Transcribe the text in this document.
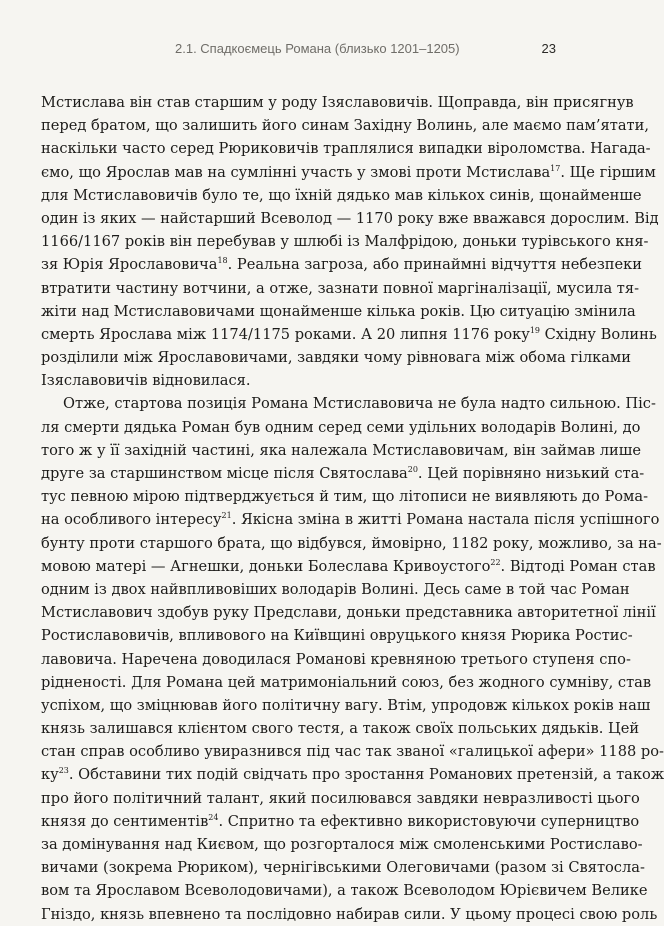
2.1. Спадкоємець Романа (близько 1201–1205)	23
Мстислава він став старшим у роду Ізяславовичів. Щоправда, він присягнув
перед братом, що залишить його синам Західну Волинь, але маємо пам’ятати,
наскільки часто серед Рюриковичів траплялися випадки віроломства. Нагада-
ємо, що Ярослав мав на сумлінні участь у змові проти Мстислава$^{17}$. Ще гіршим
для Мстиславовичів було те, що їхній дядько мав кількох синів, щонайменше
один із яких — найстарший Всеволод — 1170 року вже вважався дорослим. Від
1166/1167 років він перебував у шлюбі із Малфрідою, доньки турівського кня-
зя Юрія Ярославовича$^{18}$. Реальна загроза, або принаймні відчуття небезпеки
втратити частину вотчини, а отже, зазнати повної маргіналізації, мусила тя-
жіти над Мстиславовичами щонайменше кілька років. Цю ситуацію змінила
смерть Ярослава між 1174/1175 роками. А 20 липня 1176 року$^{19}$ Східну Волинь
розділили між Ярославовичами, завдяки чому рівновага між обома гілками
Ізяславовичів відновилася.
Отже, стартова позиція Романа Мстиславовича не була надто сильною. Піс-
ля смерти дядька Роман був одним серед семи удільних володарів Волині, до
того ж у її західній частині, яка належала Мстиславовичам, він займав лише
друге за старшинством місце після Святослава$^{20}$. Цей порівняно низький ста-
тус певною мірою підтверджується й тим, що літописи не виявляють до Рома-
на особливого інтересу$^{21}$. Якісна зміна в житті Романа настала після успішного
бунту проти старшого брата, що відбувся, ймовірно, 1182 року, можливо, за на-
мовою матері — Агнешки, доньки Болеслава Кривоустого$^{22}$. Відтоді Роман став
одним із двох найвпливовіших володарів Волині. Десь саме в той час Роман
Мстиславович здобув руку Предслави, доньки представника авторитетної лінії
Ростиславовичів, впливового на Київщині овруцького князя Рюрика Ростис-
лавовича. Наречена доводилася Романові кревняною третього ступеня спо-
рідненості. Для Романа цей матримоніальний союз, без жодного сумніву, став
успіхом, що зміцнював його політичну вагу. Втім, упродовж кількох років наш
князь залишався клієнтом свого тестя, а також своїх польських дядьків. Цей
стан справ особливо увиразнився під час так званої «галицької афери» 1188 ро-
ку$^{23}$. Обставини тих подій свідчать про зростання Романових претензій, а також
про його політичний талант, який посилювався завдяки невразливості цього
князя до сентиментів$^{24}$. Спритно та ефективно використовуючи суперництво
за домінування над Києвом, що розгорталося між смоленськими Ростиславо-
вичами (зокрема Рюриком), чернігівськими Олеговичами (разом зі Святосла-
вом та Ярославом Всеволодовичами), а також Всеволодом Юрієвичем Велике
Гніздо, князь впевнено та послідовно набирав сили. У цьому процесі свою роль
